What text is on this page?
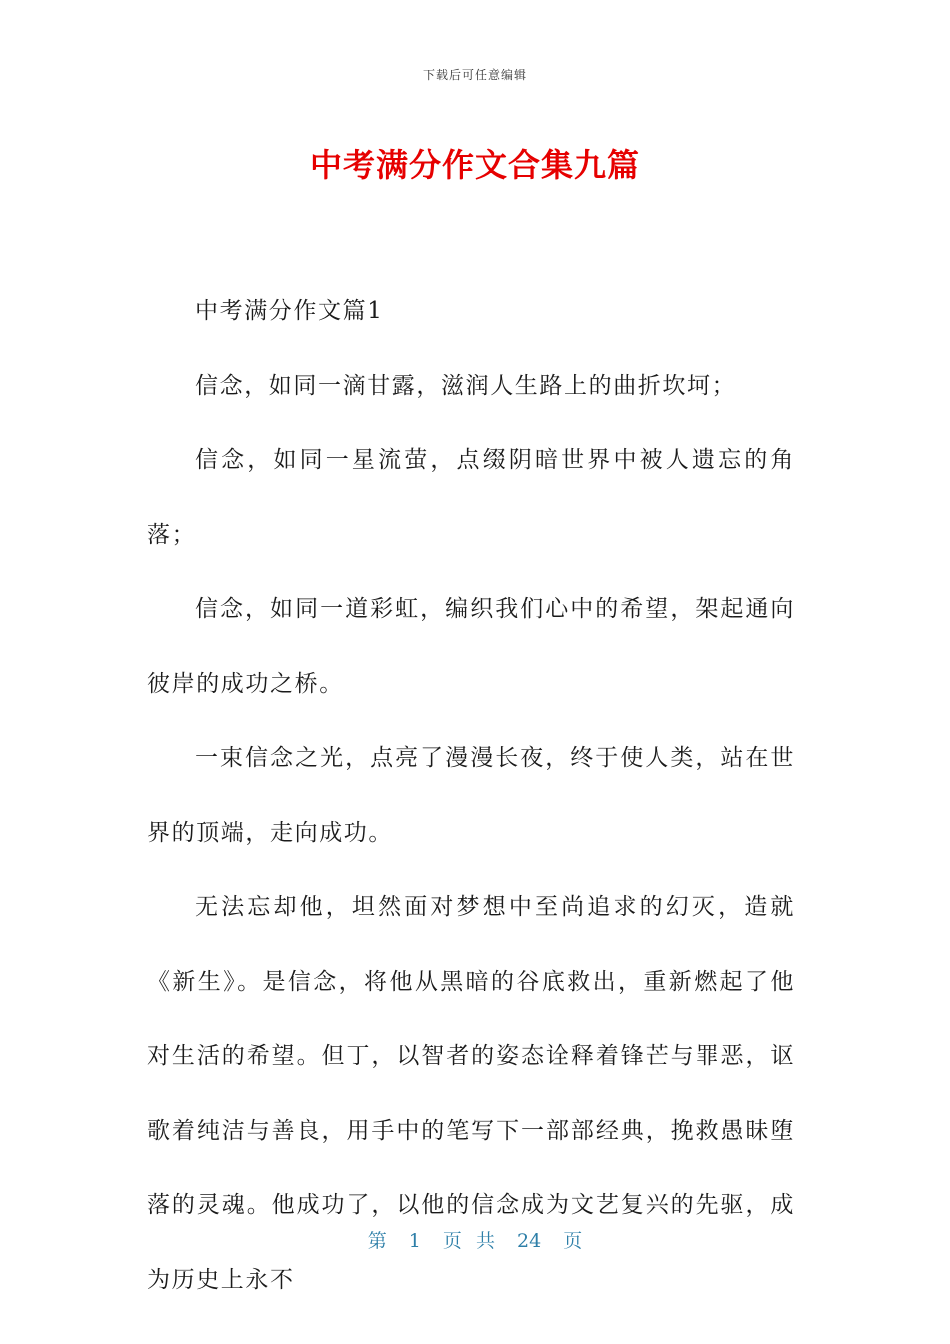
下载后可任意编辑
中考满分作文合集九篇

中考满分作文篇1

信念，如同一滴甘露，滋润人生路上的曲折坎坷；

信念，如同一星流萤，点缀阴暗世界中被人遗忘的角落；

信念，如同一道彩虹，编织我们心中的希望，架起通向彼岸的成功之桥。

一束信念之光，点亮了漫漫长夜，终于使人类，站在世界的顶端，走向成功。

无法忘却他，坦然面对梦想中至尚追求的幻灭，造就《新生》。是信念，将他从黑暗的谷底救出，重新燃起了他对生活的希望。但丁，以智者的姿态诠释着锋芒与罪恶，讴歌着纯洁与善良，用手中的笔写下一部部经典，挽救愚昧堕落的灵魂。他成功了，以他的信念成为文艺复兴的先驱，成为历史上永不

第 1 页 共 24 页
